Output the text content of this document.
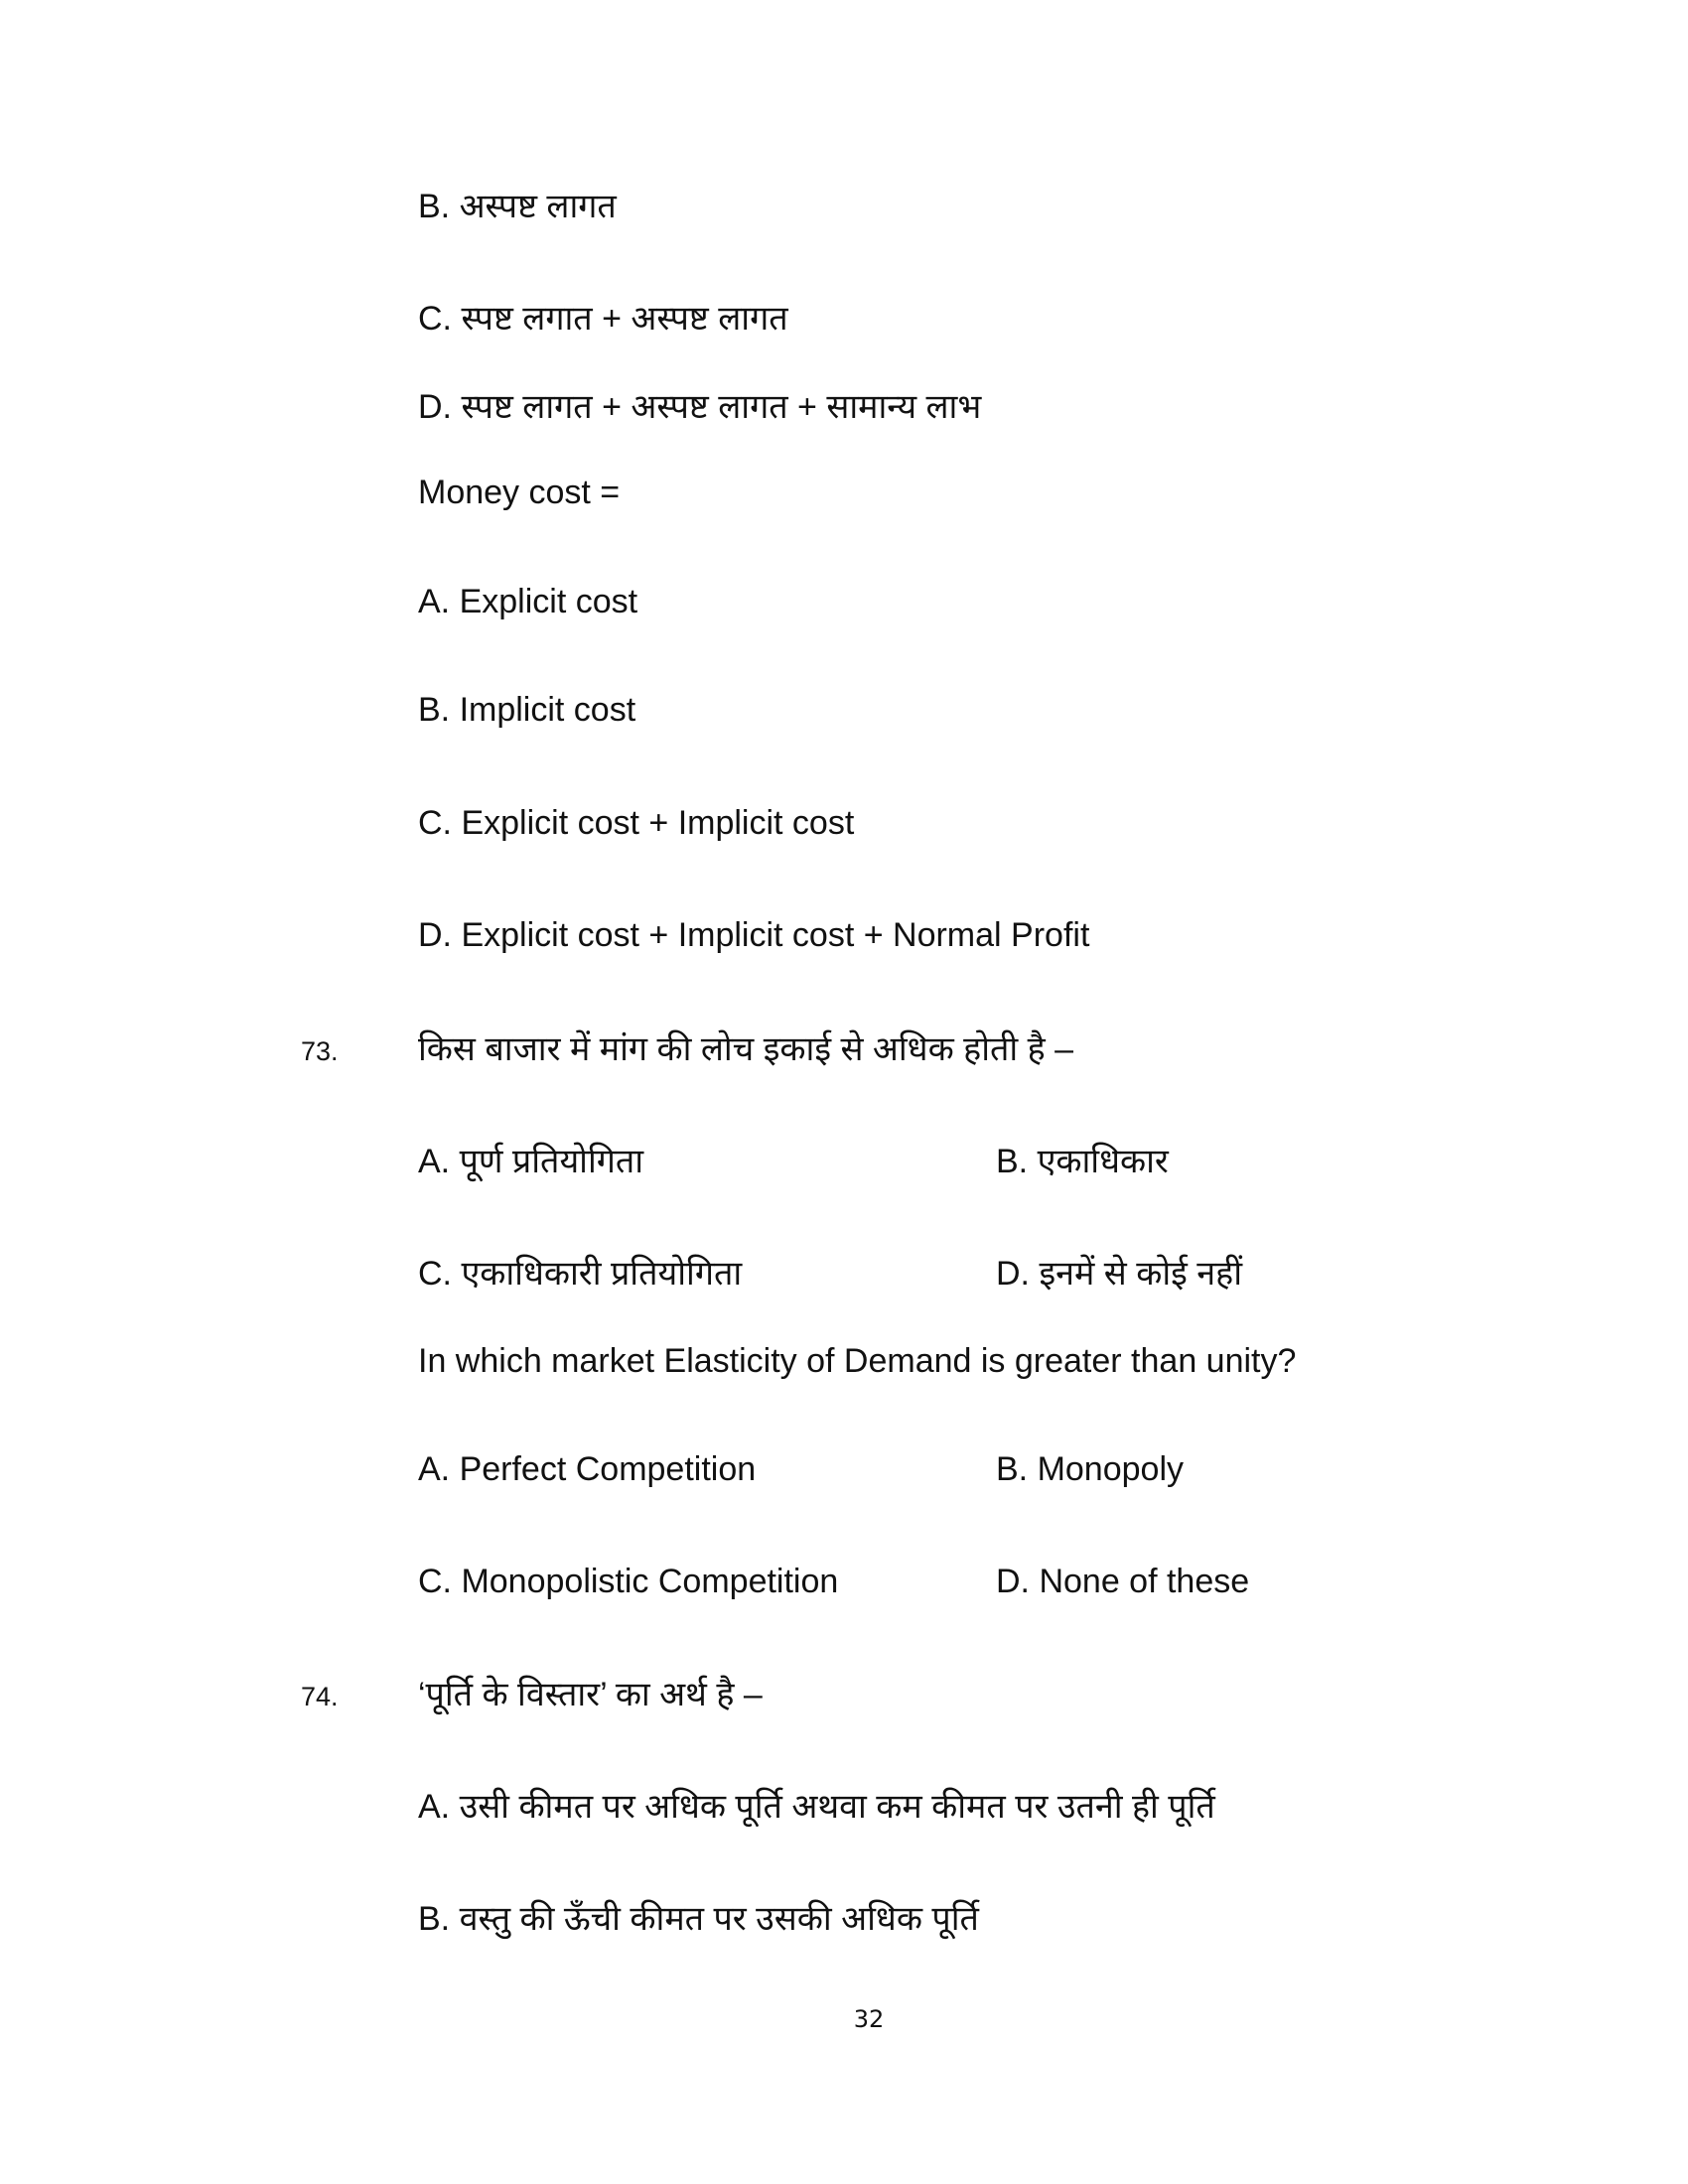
B. अस्पष्ट लागत
C. स्पष्ट लगात + अस्पष्ट लागत
D. स्पष्ट लागत + अस्पष्ट लागत + सामान्य लाभ
Money cost =
A. Explicit cost
B. Implicit cost
C. Explicit cost + Implicit cost
D. Explicit cost + Implicit cost + Normal Profit
73. किस बाजार में मांग की लोच इकाई से अधिक होती है –
A. पूर्ण प्रतियोगिता	B. एकाधिकार
C. एकाधिकारी प्रतियोगिता	D. इनमें से कोई नहीं
In which market Elasticity of Demand is greater than unity?
A. Perfect Competition	B. Monopoly
C. Monopolistic Competition	D. None of these
74. ‘पूर्ति के विस्तार’ का अर्थ है –
A. उसी कीमत पर अधिक पूर्ति अथवा कम कीमत पर उतनी ही पूर्ति
B. वस्तु की ऊँची कीमत पर उसकी अधिक पूर्ति
32
